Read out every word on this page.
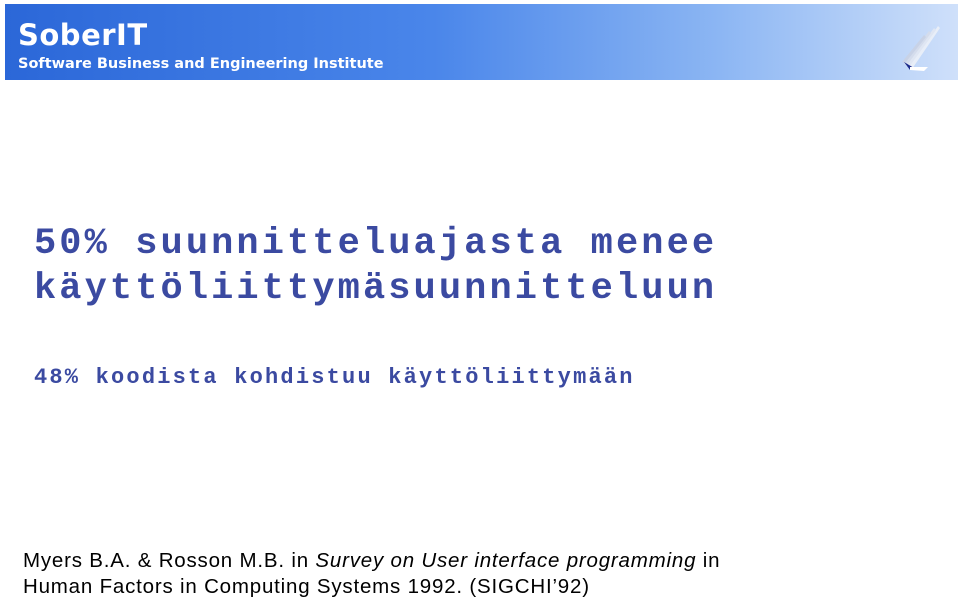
SoberIT
Software Business and Engineering Institute
50% suunnitteluajasta menee
käyttöliittymäsuunnitteluun
48% koodista kohdistuu käyttöliittymään
Myers B.A. & Rosson M.B. in Survey on User interface programming in
Human Factors in Computing Systems 1992. (SIGCHI’92)
